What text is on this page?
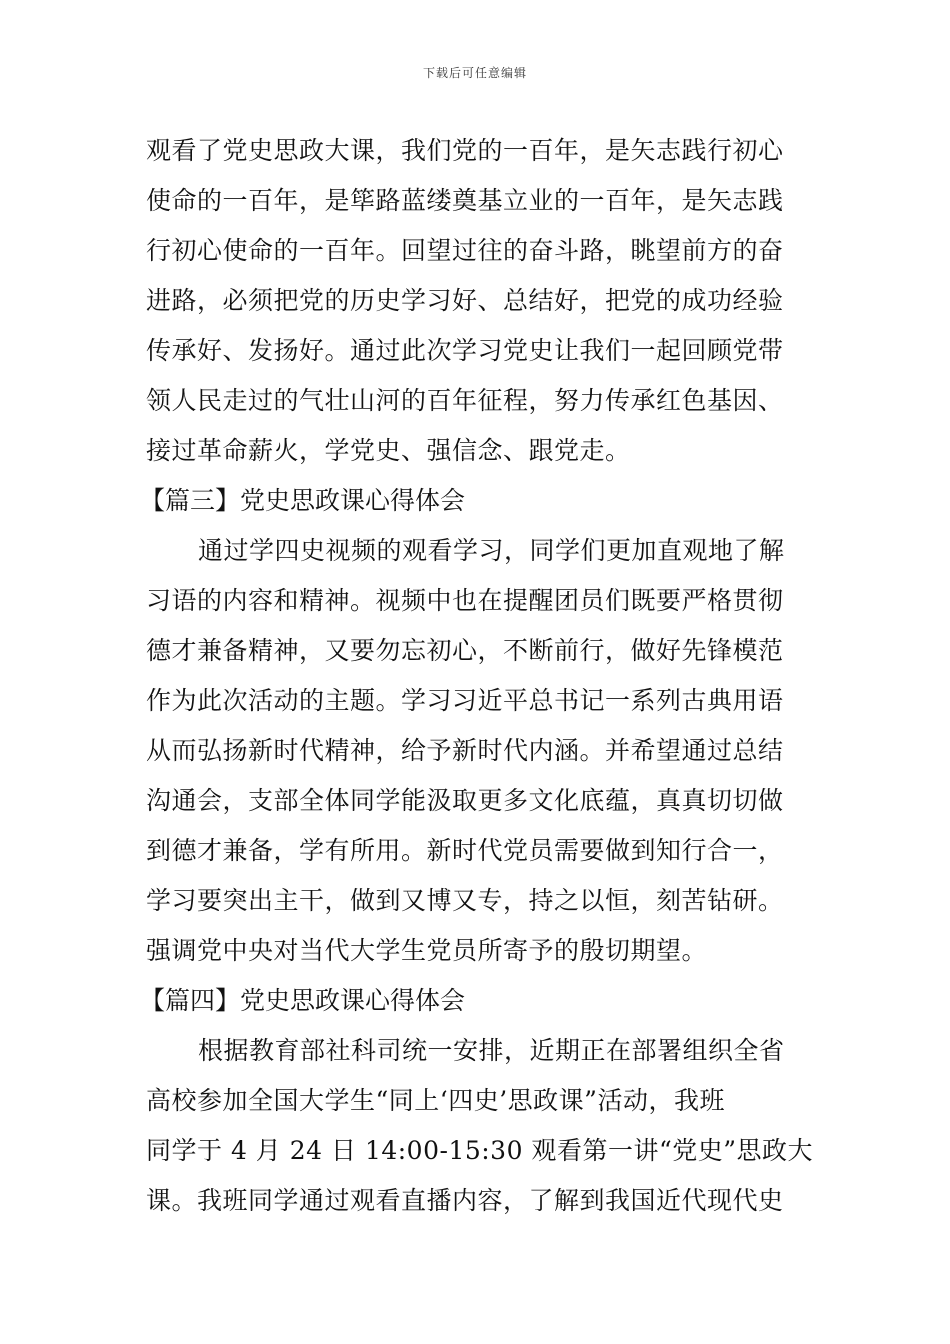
下载后可任意编辑
观看了党史思政大课，我们党的一百年，是矢志践行初心
使命的一百年，是筚路蓝缕奠基立业的一百年，是矢志践
行初心使命的一百年。回望过往的奋斗路，眺望前方的奋
进路，必须把党的历史学习好、总结好，把党的成功经验
传承好、发扬好。通过此次学习党史让我们一起回顾党带
领人民走过的气壮山河的百年征程，努力传承红色基因、
接过革命薪火，学党史、强信念、跟党走。
【篇三】党史思政课心得体会
通过学四史视频的观看学习，同学们更加直观地了解
习语的内容和精神。视频中也在提醒团员们既要严格贯彻
德才兼备精神，又要勿忘初心，不断前行，做好先锋模范
作为此次活动的主题。学习习近平总书记一系列古典用语
从而弘扬新时代精神，给予新时代内涵。并希望通过总结
沟通会，支部全体同学能汲取更多文化底蕴，真真切切做
到德才兼备，学有所用。新时代党员需要做到知行合一，
学习要突出主干，做到又博又专，持之以恒，刻苦钻研。
强调党中央对当代大学生党员所寄予的殷切期望。
【篇四】党史思政课心得体会
根据教育部社科司统一安排，近期正在部署组织全省
高校参加全国大学生“同上‘四史’思政课”活动，我班
同学于 4 月 24 日 14:00-15:30 观看第一讲“党史”思政大
课。我班同学通过观看直播内容，了解到我国近代现代史
